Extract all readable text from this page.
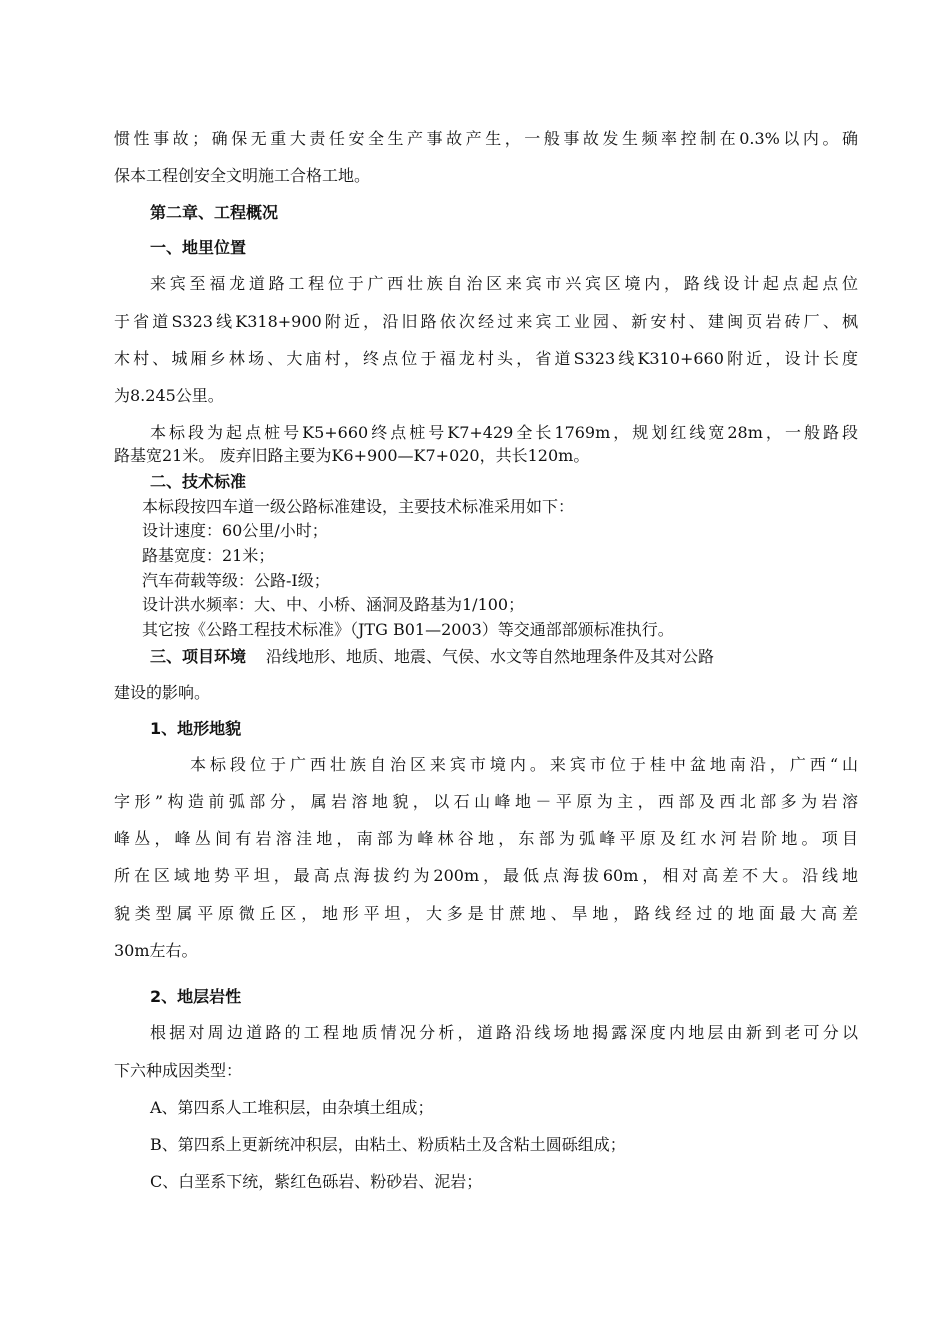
惯性事故；确保无重大责任安全生产事故产生，一般事故发生频率控制在0.3%以内。确

保本工程创安全文明施工合格工地。

第二章、工程概况

一、地里位置

来宾至福龙道路工程位于广西壮族自治区来宾市兴宾区境内，路线设计起点起点位

于省道S323线K318+900附近，沿旧路依次经过来宾工业园、新安村、建闽页岩砖厂、枫

木村、城厢乡林场、大庙村，终点位于福龙村头，省道S323线K310+660附近，设计长度

为8.245公里。

本标段为起点桩号K5+660终点桩号K7+429全长1769m，规划红线宽28m，一般路段

路基宽21米。 废弃旧路主要为K6+900—K7+020，共长120m。

二、技术标准

本标段按四车道一级公路标准建设，主要技术标准采用如下：

设计速度：60公里/小时；

路基宽度：21米；

汽车荷载等级：公路-Ⅰ级；

设计洪水频率：大、中、小桥、涵洞及路基为1/100；

其它按《公路工程技术标准》（JTG B01—2003）等交通部部颁标准执行。

三、项目环境 沿线地形、地质、地震、气侯、水文等自然地理条件及其对公路

建设的影响。

1、地形地貌

本标段位于广西壮族自治区来宾市境内。来宾市位于桂中盆地南沿，广西“山

字形”构造前弧部分，属岩溶地貌，以石山峰地－平原为主，西部及西北部多为岩溶

峰丛，峰丛间有岩溶洼地，南部为峰林谷地，东部为弧峰平原及红水河岩阶地。项目

所在区域地势平坦，最高点海拔约为200m，最低点海拔60m，相对高差不大。沿线地

貌类型属平原微丘区，地形平坦，大多是甘蔗地、旱地，路线经过的地面最大高差

30m左右。

2、地层岩性

根据对周边道路的工程地质情况分析，道路沿线场地揭露深度内地层由新到老可分以

下六种成因类型：

A、第四系人工堆积层，由杂填土组成；

B、第四系上更新统冲积层，由粘土、粉质粘土及含粘土圆砾组成；

C、白垩系下统，紫红色砾岩、粉砂岩、泥岩；
